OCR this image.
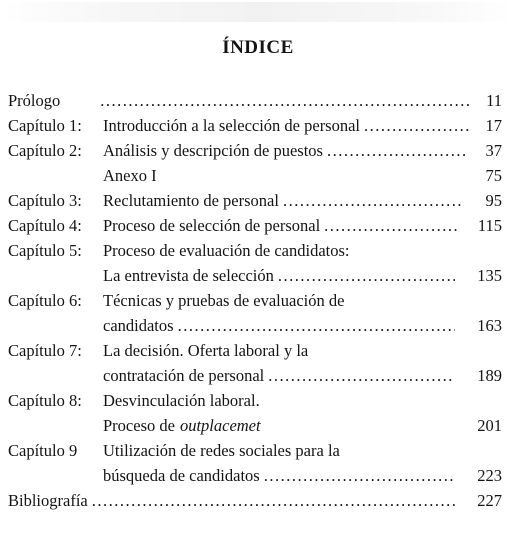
ÍNDICE
Prólogo .....	11
Capítulo 1: Introducción a la selección de personal .....	17
Capítulo 2: Análisis y descripción de puestos .....	37
Anexo I	75
Capítulo 3: Reclutamiento de personal .....	95
Capítulo 4: Proceso de selección de personal .....	115
Capítulo 5: Proceso de evaluación de candidatos:
La entrevista de selección .....	135
Capítulo 6: Técnicas y pruebas de evaluación de
candidatos .....	163
Capítulo 7: La decisión. Oferta laboral y la
contratación de personal .....	189
Capítulo 8: Desvinculación laboral.
Proceso de outplacemet	201
Capítulo 9 Utilización de redes sociales para la
búsqueda de candidatos .....	223
Bibliografía .....	227
